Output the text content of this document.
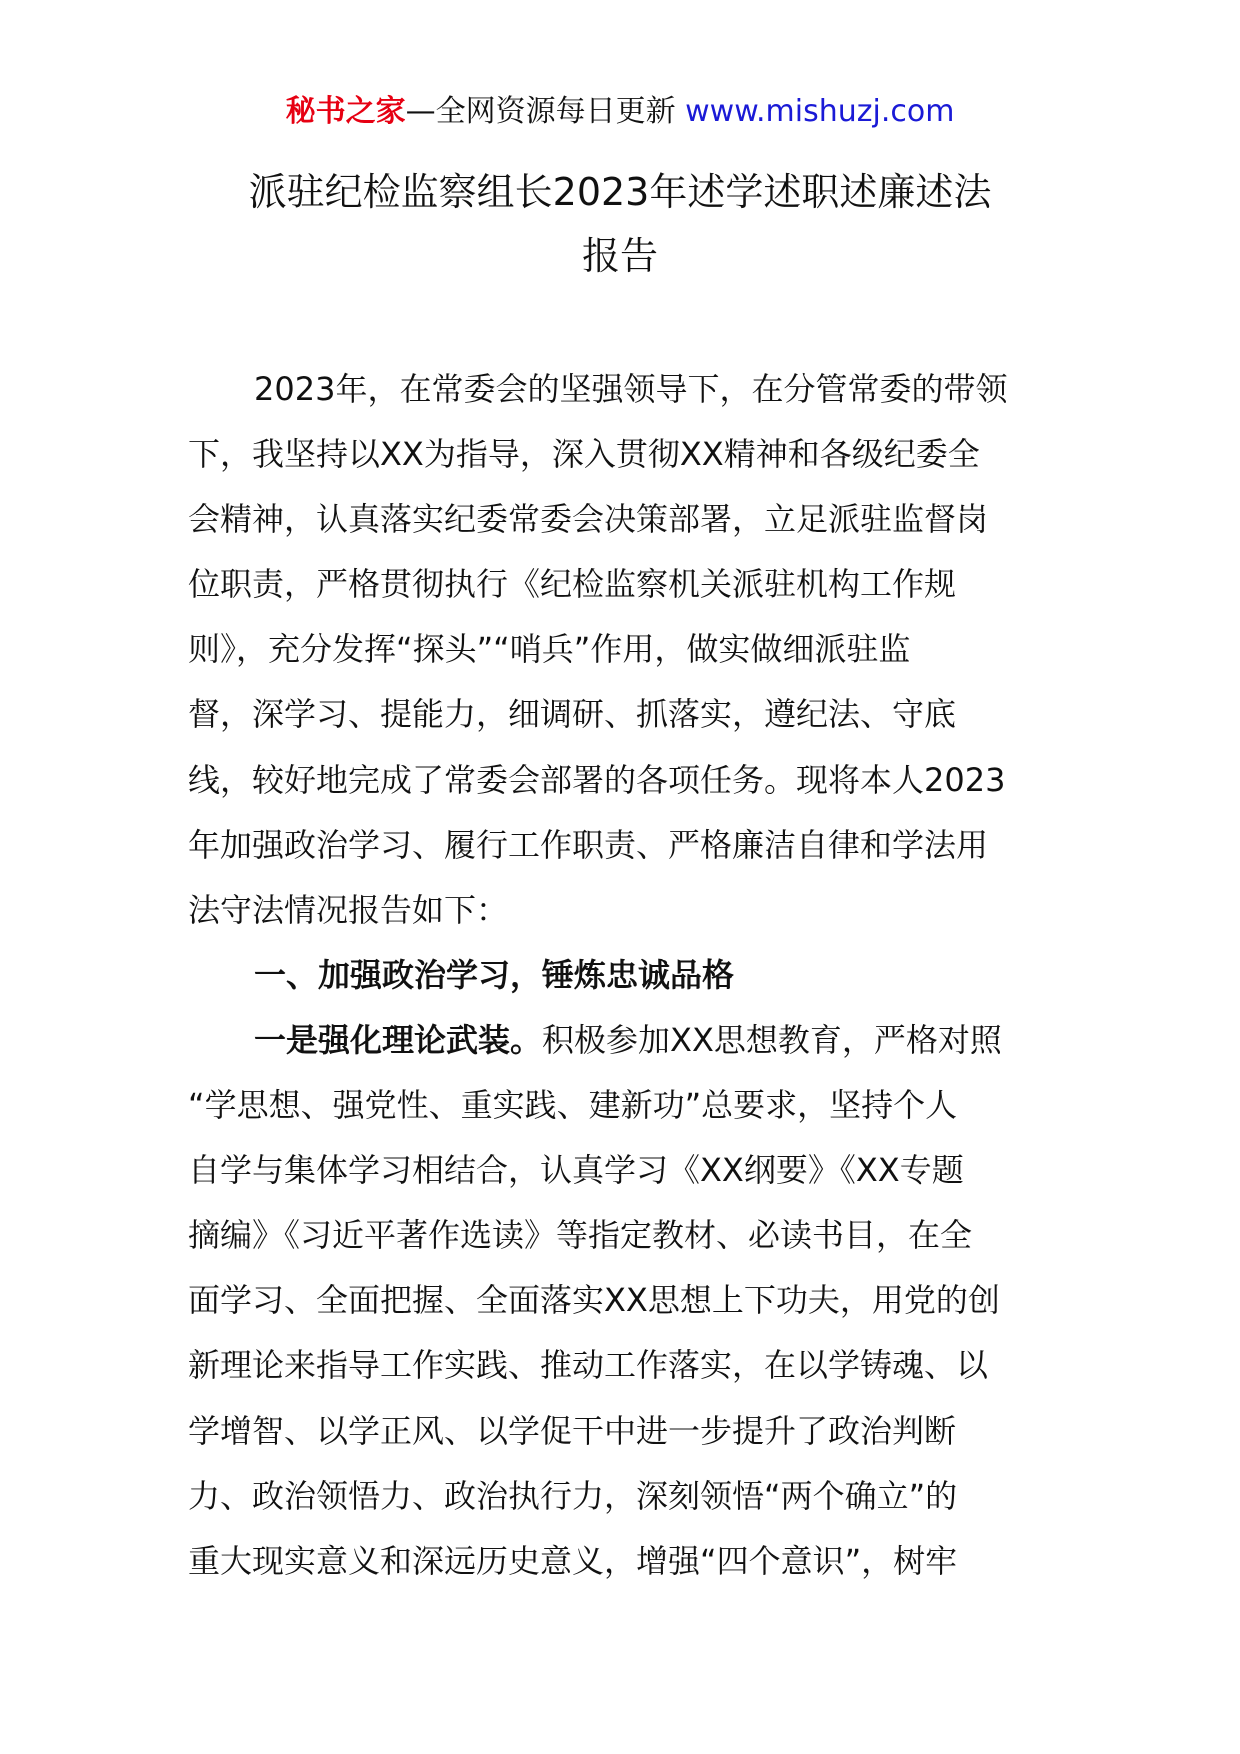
秘书之家—全网资源每日更新 www.mishuzj.com
派驻纪检监察组长2023年述学述职述廉述法
报告
2023年，在常委会的坚强领导下，在分管常委的带领
下，我坚持以XX为指导，深入贯彻XX精神和各级纪委全
会精神，认真落实纪委常委会决策部署，立足派驻监督岗
位职责，严格贯彻执行《纪检监察机关派驻机构工作规
则》，充分发挥“探头”“哨兵”作用，做实做细派驻监
督，深学习、提能力，细调研、抓落实，遵纪法、守底
线，较好地完成了常委会部署的各项任务。现将本人2023
年加强政治学习、履行工作职责、严格廉洁自律和学法用
法守法情况报告如下：
一、加强政治学习，锤炼忠诚品格
一是强化理论武装。积极参加XX思想教育，严格对照
“学思想、强党性、重实践、建新功”总要求，坚持个人
自学与集体学习相结合，认真学习《XX纲要》《XX专题
摘编》《习近平著作选读》等指定教材、必读书目，在全
面学习、全面把握、全面落实XX思想上下功夫，用党的创
新理论来指导工作实践、推动工作落实，在以学铸魂、以
学增智、以学正风、以学促干中进一步提升了政治判断
力、政治领悟力、政治执行力，深刻领悟“两个确立”的
重大现实意义和深远历史意义，增强“四个意识”，树牢
